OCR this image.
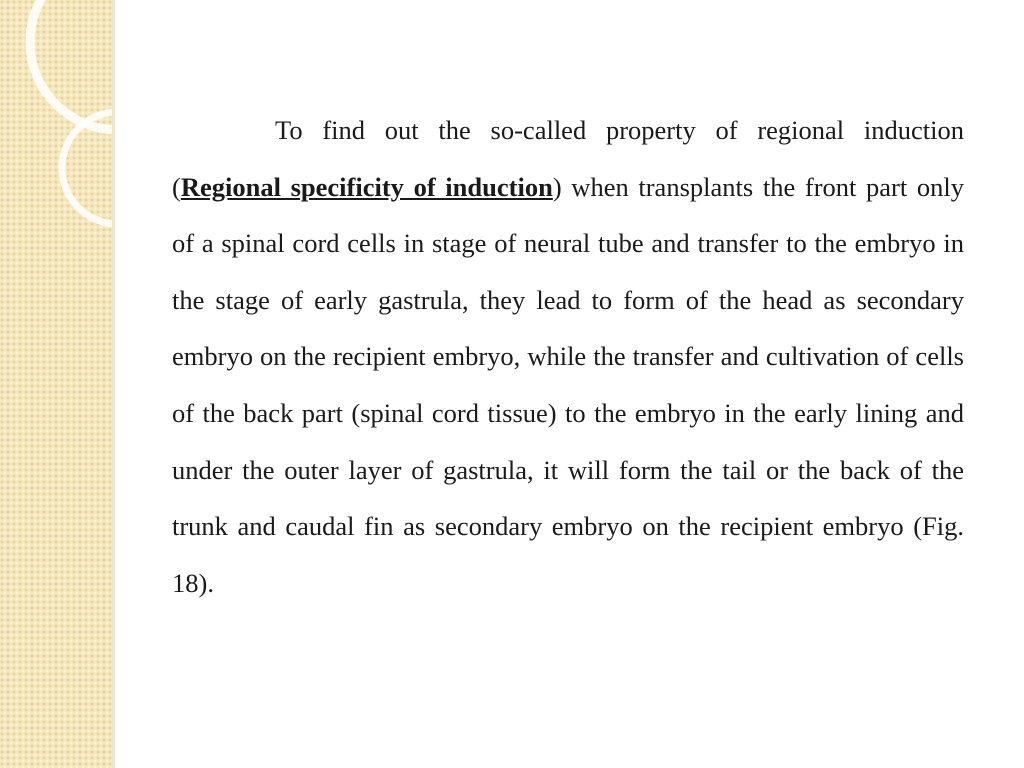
To find out the so-called property of regional induction (Regional specificity of induction) when transplants the front part only of a spinal cord cells in stage of neural tube and transfer to the embryo in the stage of early gastrula, they lead to form of the head as secondary embryo on the recipient embryo, while the transfer and cultivation of cells of the back part (spinal cord tissue) to the embryo in the early lining and under the outer layer of gastrula, it will form the tail or the back of the trunk and caudal fin as secondary embryo on the recipient embryo (Fig. 18).
